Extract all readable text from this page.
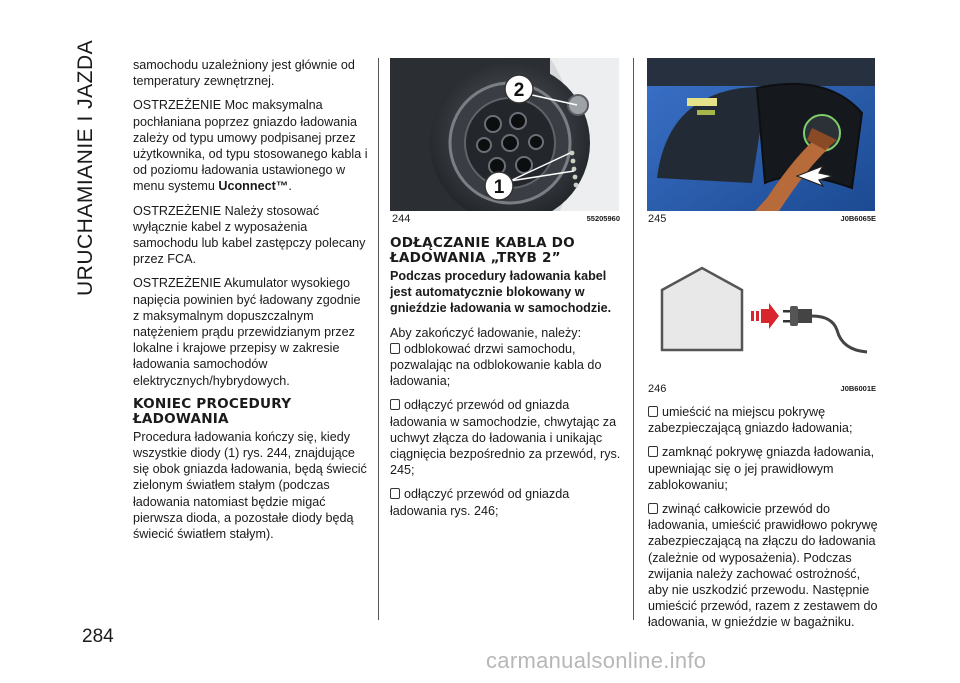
URUCHAMIANIE I JAZDA
284

samochodu uzależniony jest głównie od temperatury zewnętrznej.

OSTRZEŻENIE Moc maksymalna pochłaniana poprzez gniazdo ładowania zależy od typu umowy podpisanej przez użytkownika, od typu stosowanego kabla i od poziomu ładowania ustawionego w menu systemu Uconnect™.

OSTRZEŻENIE Należy stosować wyłącznie kabel z wyposażenia samochodu lub kabel zastępczy polecany przez FCA.

OSTRZEŻENIE Akumulator wysokiego napięcia powinien być ładowany zgodnie z maksymalnym dopuszczalnym natężeniem prądu przewidzianym przez lokalne i krajowe przepisy w zakresie ładowania samochodów elektrycznych/hybrydowych.

KONIEC PROCEDURY ŁADOWANIA

Procedura ładowania kończy się, kiedy wszystkie diody (1) rys. 244, znajdujące się obok gniazda ładowania, będą świecić zielonym światłem stałym (podczas ładowania natomiast będzie migać pierwsza dioda, a pozostałe diody będą świecić światłem stałym).

2
1
244	55205960
ODŁĄCZANIE KABLA DO ŁADOWANIA „TRYB 2”

Podczas procedury ładowania kabel jest automatycznie blokowany w gnieździe ładowania w samochodzie.

Aby zakończyć ładowanie, należy:

odblokować drzwi samochodu, pozwalając na odblokowanie kabla do ładowania;

odłączyć przewód od gniazda ładowania w samochodzie, chwytając za uchwyt złącza do ładowania i unikając ciągnięcia bezpośrednio za przewód, rys. 245;

odłączyć przewód od gniazda ładowania rys. 246;

245	J0B6065E
246	J0B6001E

umieścić na miejscu pokrywę zabezpieczającą gniazdo ładowania;

zamknąć pokrywę gniazda ładowania, upewniając się o jej prawidłowym zablokowaniu;

zwinąć całkowicie przewód do ładowania, umieścić prawidłowo pokrywę zabezpieczającą na złączu do ładowania (zależnie od wyposażenia). Podczas zwijania należy zachować ostrożność, aby nie uszkodzić przewodu. Następnie umieścić przewód, razem z zestawem do ładowania, w gnieździe w bagażniku.

carmanualsonline.info
